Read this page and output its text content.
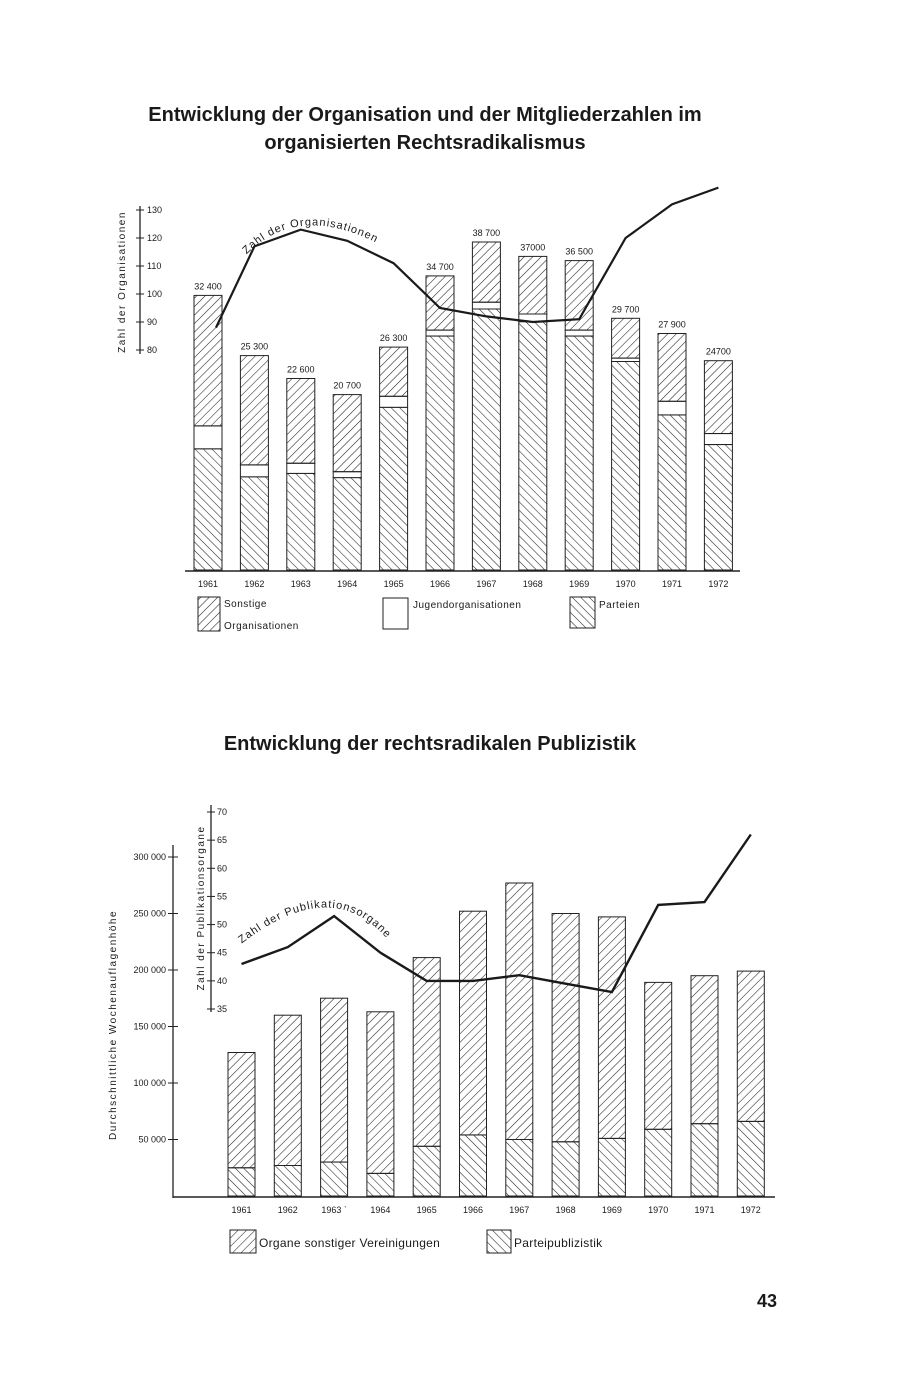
Entwicklung der Organisation und der Mitgliederzahlen im
organisierten Rechtsradikalismus
130
120
110
100
90
80
Zahl der Organisationen
1961	1962	1963	1964	1965	1966	1967	1968	1969	1970	1971	1972
32 400
25 300
22 600
20 700
26 300
34 700
38 700
37000 36 500
29 700
27 900
24700
Zahl der Organisationen
Sonstige
Organisationen
Jugendorganisationen	Parteien
Entwicklung der rechtsradikalen Publizistik
300 000
250 000
200 000
150 000
100 000
50 000
Durchschnittliche Wochenauflagenhöhe
70
65
60
55
50
45
40
35
Zahl der Publikationsorgane
1961	1962	1963 ˋ	1964	1965	1966	1967	1968	1969	1970	1971	1972
Zahl der Publikationsorgane
Organe sonstiger Vereinigungen	Parteipublizistik
43
